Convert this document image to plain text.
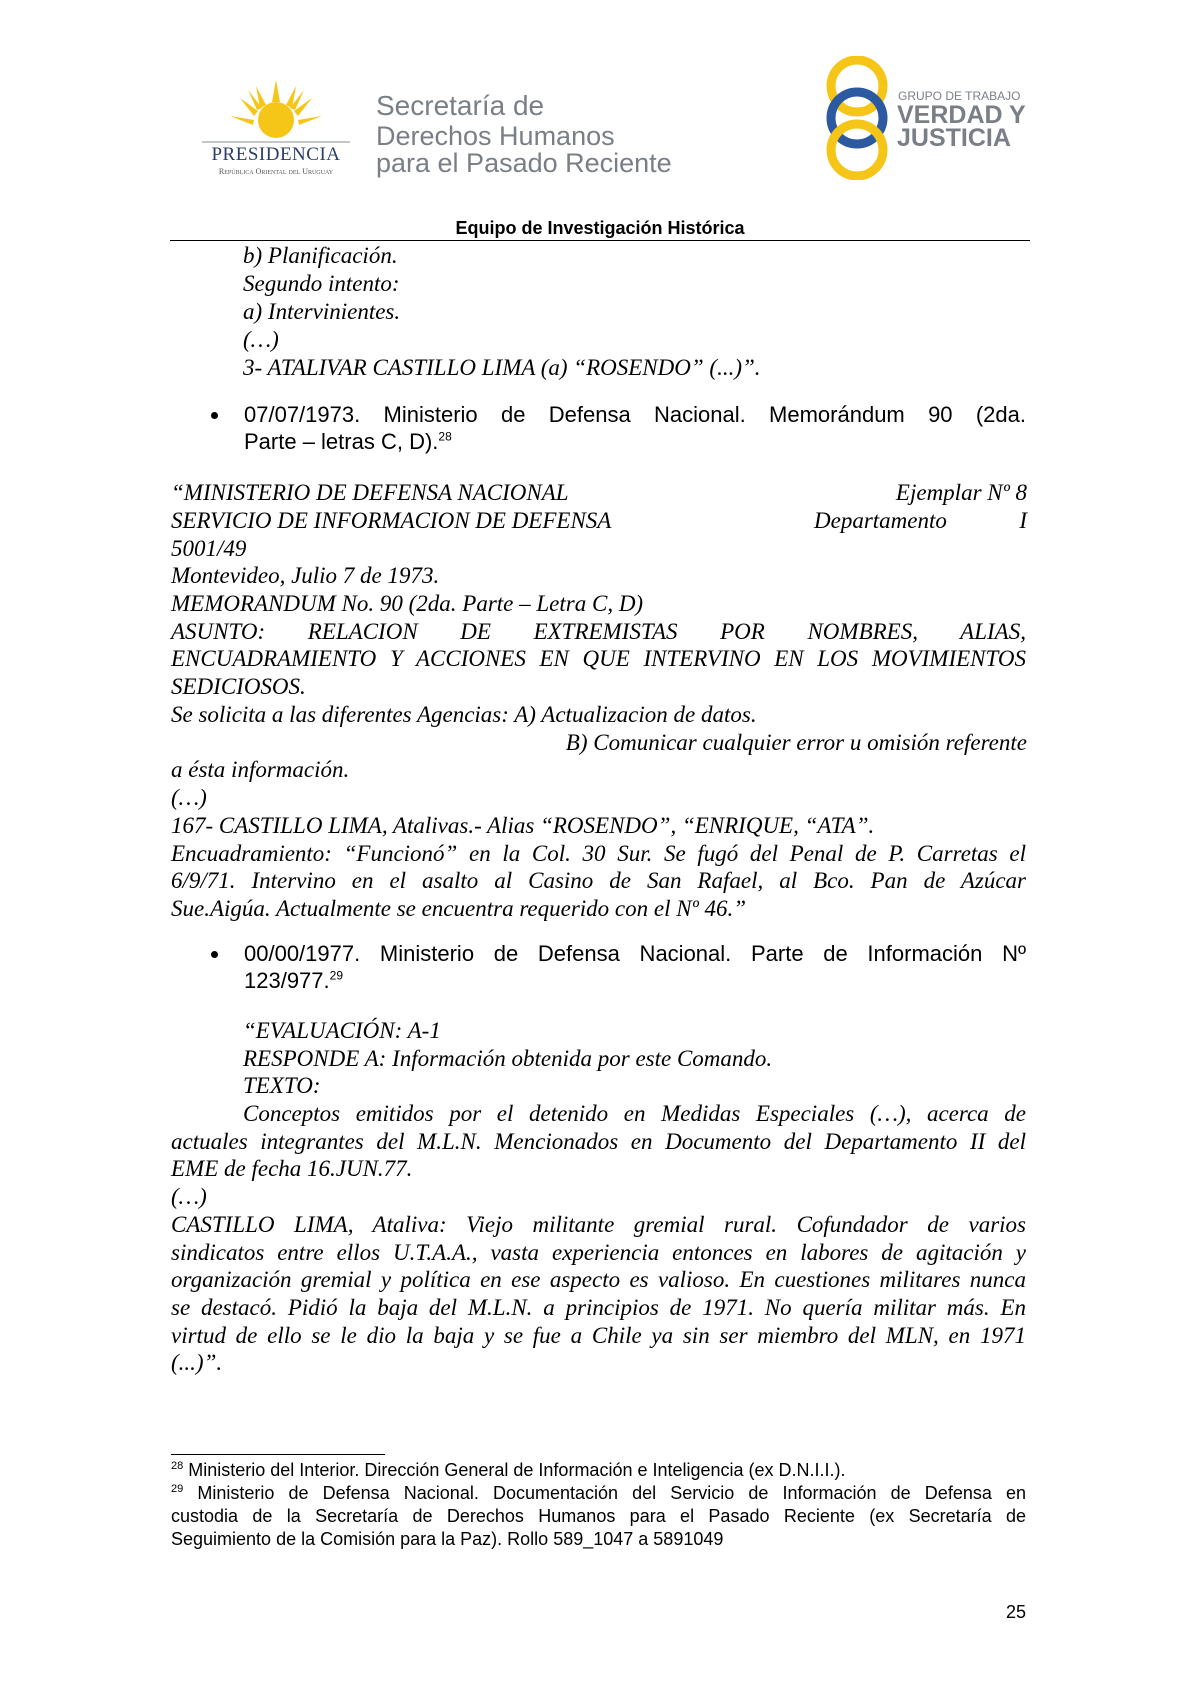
PRESIDENCIA
República Oriental del Uruguay
Secretaría de
Derechos Humanos
para el Pasado Reciente
GRUPO DE TRABAJO
VERDAD Y
JUSTICIA
Equipo de Investigación Histórica
b) Planificación.
Segundo intento:
a) Intervinientes.
(…)
3- ATALIVAR CASTILLO LIMA (a) “ROSENDO” (...)”.
07/07/1973. Ministerio de Defensa Nacional. Memorándum 90 (2da.
Parte – letras C, D).$^{28}$
“MINISTERIO DE DEFENSA NACIONAL	Ejemplar Nº 8
SERVICIO DE INFORMACION DE DEFENSA	Departamento	I
5001/49
Montevideo, Julio 7 de 1973.
MEMORANDUM No. 90 (2da. Parte – Letra C, D)
ASUNTO: RELACION DE EXTREMISTAS POR NOMBRES, ALIAS,
ENCUADRAMIENTO Y ACCIONES EN QUE INTERVINO EN LOS MOVIMIENTOS
SEDICIOSOS.
Se solicita a las diferentes Agencias: A) Actualizacion de datos.
B) Comunicar cualquier error u omisión referente
a ésta información.
(…)
167- CASTILLO LIMA, Atalivas.- Alias “ROSENDO”, “ENRIQUE, “ATA”.
Encuadramiento: “Funcionó” en la Col. 30 Sur. Se fugó del Penal de P. Carretas el
6/9/71. Intervino en el asalto al Casino de San Rafael, al Bco. Pan de Azúcar
Sue.Aigúa. Actualmente se encuentra requerido con el Nº 46.”
00/00/1977. Ministerio de Defensa Nacional. Parte de Información Nº
123/977.29
“EVALUACIÓN: A-1
RESPONDE A: Información obtenida por este Comando.
TEXTO:
Conceptos emitidos por el detenido en Medidas Especiales (…), acerca de
actuales integrantes del M.L.N. Mencionados en Documento del Departamento II del
EME de fecha 16.JUN.77.
(…)
CASTILLO LIMA, Ataliva: Viejo militante gremial rural. Cofundador de varios
sindicatos entre ellos U.T.A.A., vasta experiencia entonces en labores de agitación y
organización gremial y política en ese aspecto es valioso. En cuestiones militares nunca
se destacó. Pidió la baja del M.L.N. a principios de 1971. No quería militar más. En
virtud de ello se le dio la baja y se fue a Chile ya sin ser miembro del MLN, en 1971
(...)”.
$^{28}$ Ministerio del Interior. Dirección General de Información e Inteligencia (ex D.N.I.I.).
$^{29}$ Ministerio de Defensa Nacional. Documentación del Servicio de Información de Defensa en
custodia de la Secretaría de Derechos Humanos para el Pasado Reciente (ex Secretaría de
Seguimiento de la Comisión para la Paz). Rollo 589_1047 a 5891049
25
